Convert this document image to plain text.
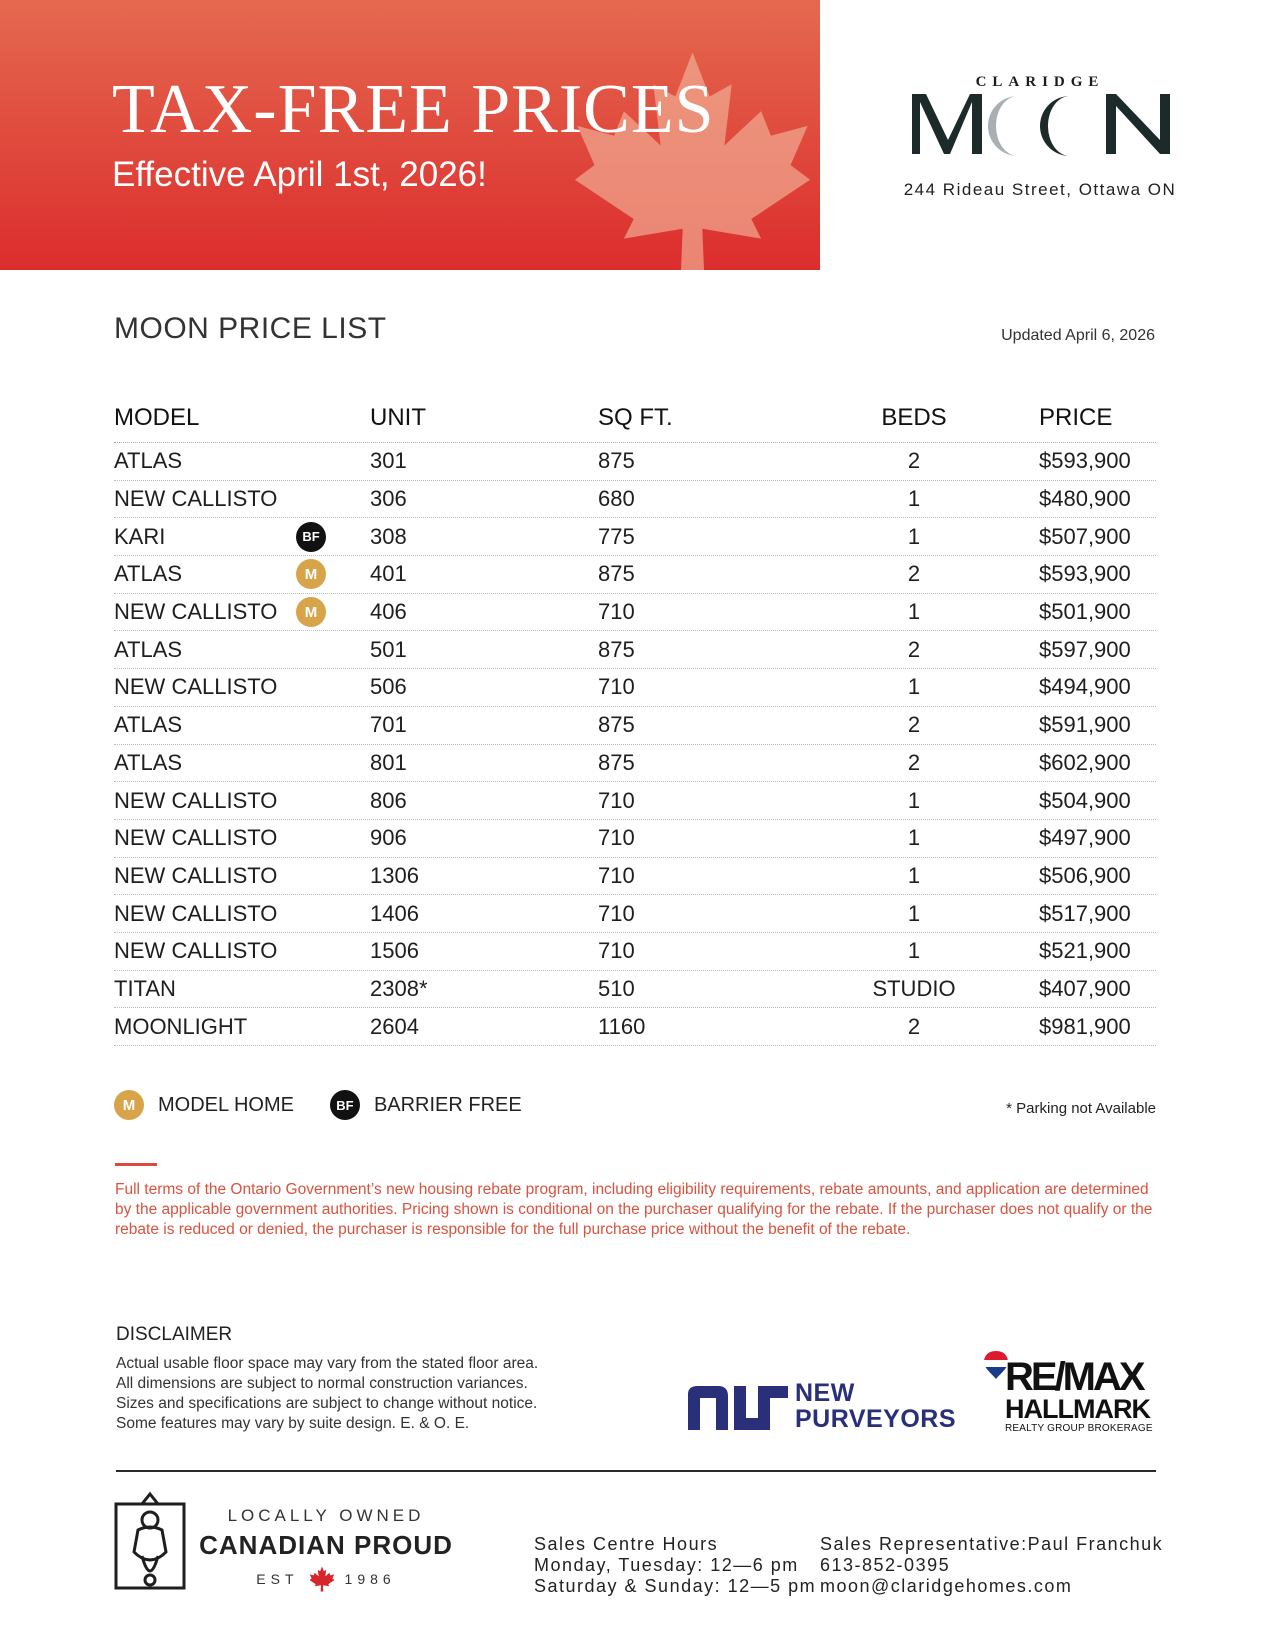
TAX-FREE PRICES
Effective April 1st, 2026!
CLARIDGE
244 Rideau Street, Ottawa ON
MOON PRICE LIST	Updated April 6, 2026
MODEL	UNIT	SQ FT.	BEDS	PRICE
ATLAS	301	875	2	$593,900
NEW CALLISTO	306	680	1	$480,900
KARI	308	775	1	$507,900
BF
ATLAS	401	875	2	$593,900
M
NEW CALLISTO	406	710	1	$501,900
M
ATLAS	501	875	2	$597,900
NEW CALLISTO	506	710	1	$494,900
ATLAS	701	875	2	$591,900
ATLAS	801	875	2	$602,900
NEW CALLISTO	806	710	1	$504,900
NEW CALLISTO	906	710	1	$497,900
NEW CALLISTO	1306	710	1	$506,900
NEW CALLISTO	1406	710	1	$517,900
NEW CALLISTO	1506	710	1	$521,900
TITAN	2308*	510	STUDIO	$407,900
MOONLIGHT	2604	1160	2	$981,900
M	MODEL HOME	BF	BARRIER FREE	* Parking not Available
Full terms of the Ontario Government’s new housing rebate program, including eligibility requirements, rebate amounts, and application are determined by the applicable government authorities. Pricing shown is conditional on the purchaser qualifying for the rebate. If the purchaser does not qualify or the rebate is reduced or denied, the purchaser is responsible for the full purchase price without the benefit of the rebate.
DISCLAIMER
Actual usable floor space may vary from the stated floor area.
All dimensions are subject to normal construction variances.
Sizes and specifications are subject to change without notice.
Some features may vary by suite design. E. & O. E.
NEW
PURVEYORS
RE/MAX
HALLMARK
REALTY GROUP BROKERAGE
LOCALLY OWNED
CANADIAN PROUD
EST	1986
Sales Centre Hours
Monday, Tuesday: 12—6 pm
Saturday & Sunday: 12—5 pm
Sales Representative:Paul Franchuk
613-852-0395
moon@claridgehomes.com
